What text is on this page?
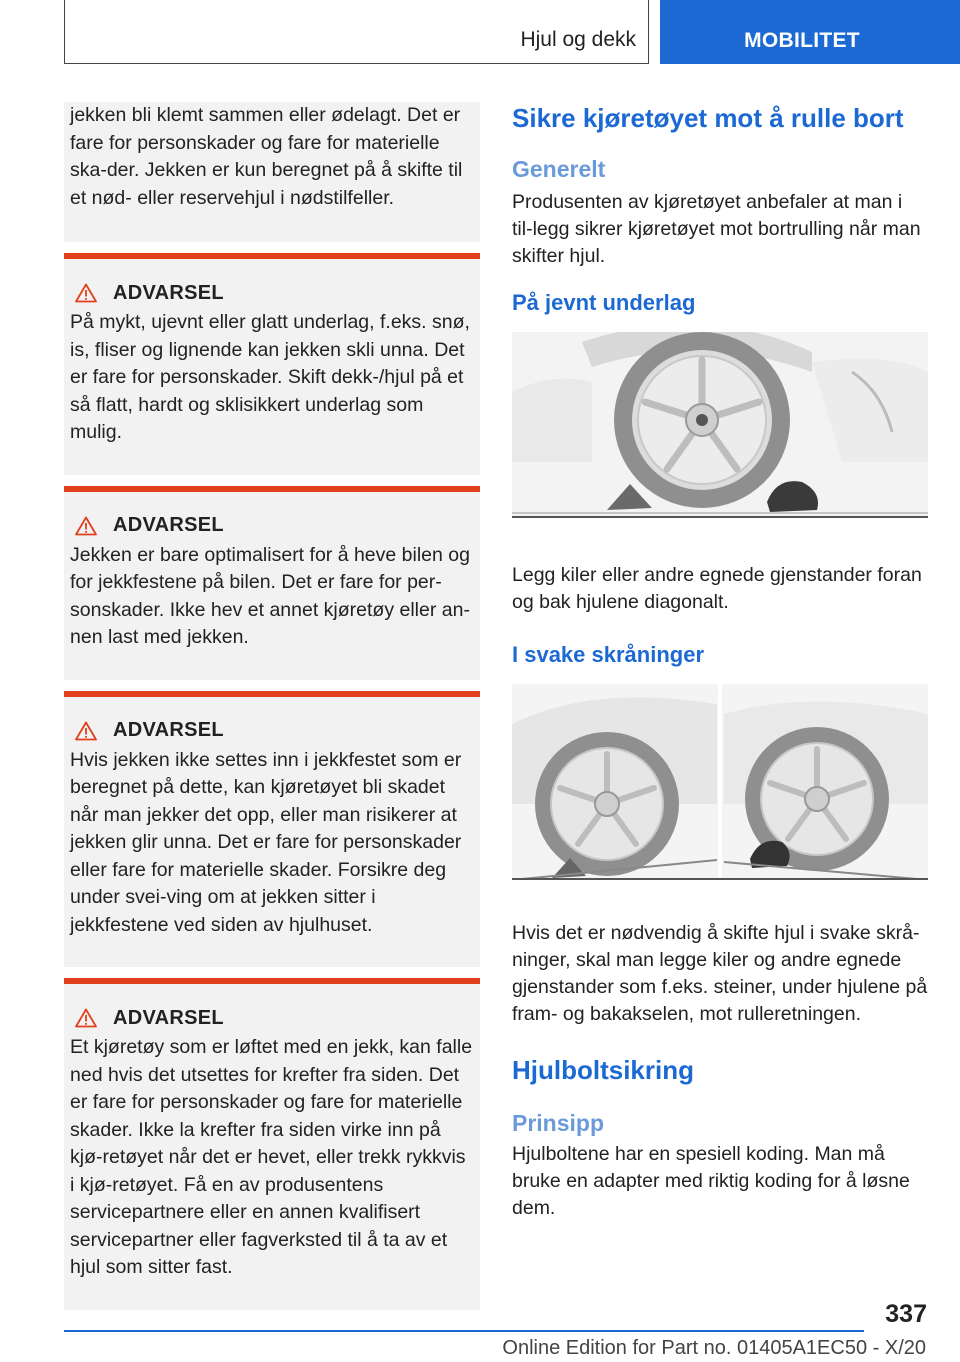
Hjul og dekk	MOBILITET

jekken bli klemt sammen eller ødelagt. Det er fare for personskader og fare for materielle ska‐der. Jekken er kun beregnet på å skifte til et nød- eller reservehjul i nødstilfeller.

ADVARSEL

På mykt, ujevnt eller glatt underlag, f.eks. snø, is, fliser og lignende kan jekken skli unna. Det er fare for personskader. Skift dekk-/hjul på et så flatt, hardt og sklisikkert underlag som mulig.

ADVARSEL

Jekken er bare optimalisert for å heve bilen og for jekkfestene på bilen. Det er fare for per‐sonskader. Ikke hev et annet kjøretøy eller an‐nen last med jekken.

ADVARSEL

Hvis jekken ikke settes inn i jekkfestet som er beregnet på dette, kan kjøretøyet bli skadet når man jekker det opp, eller man risikerer at jekken glir unna. Det er fare for personskader eller fare for materielle skader. Forsikre deg under svei‐ving om at jekken sitter i jekkfestene ved siden av hjulhuset.

ADVARSEL

Et kjøretøy som er løftet med en jekk, kan falle ned hvis det utsettes for krefter fra siden. Det er fare for personskader og fare for materielle skader. Ikke la krefter fra siden virke inn på kjø‐retøyet når det er hevet, eller trekk rykkvis i kjø‐retøyet. Få en av produsentens servicepartnere eller en annen kvalifisert servicepartner eller fagverksted til å ta av et hjul som sitter fast.

Sikre kjøretøyet mot å rulle bort
Generelt

Produsenten av kjøretøyet anbefaler at man i til‐legg sikrer kjøretøyet mot bortrulling når man skifter hjul.

På jevnt underlag

Legg kiler eller andre egnede gjenstander foran og bak hjulene diagonalt.

I svake skråninger

Hvis det er nødvendig å skifte hjul i svake skrå‐ninger, skal man legge kiler og andre egnede gjenstander som f.eks. steiner, under hjulene på fram- og bakakselen, mot rulleretningen.

Hjulboltsikring
Prinsipp

Hjulboltene har en spesiell koding. Man må bruke en adapter med riktig koding for å løsne dem.

337
Online Edition for Part no. 01405A1EC50 - X/20
